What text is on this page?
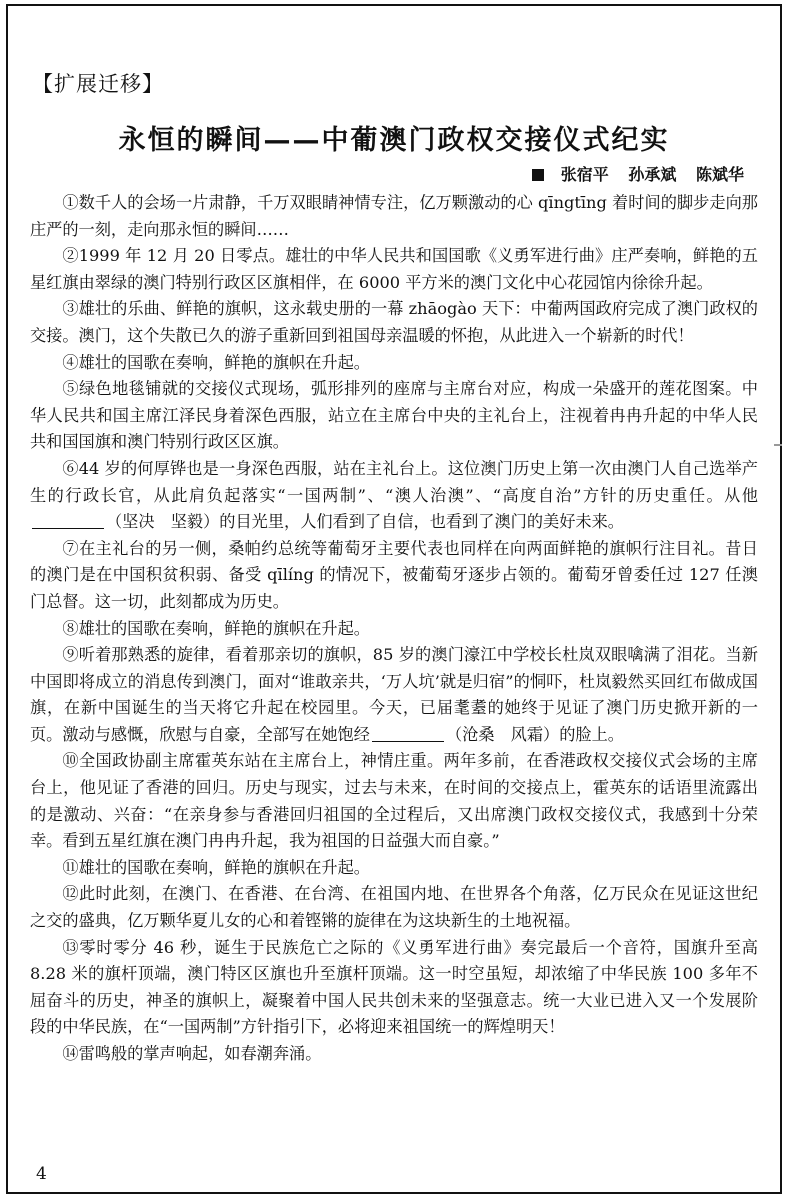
【扩展迁移】
永恒的瞬间——中葡澳门政权交接仪式纪实
张宿平 孙承斌 陈斌华

①数千人的会场一片肃静，千万双眼睛神情专注，亿万颗激动的心 qīngtīng 着时间的脚步走向那庄严的一刻，走向那永恒的瞬间……

②1999 年 12 月 20 日零点。雄壮的中华人民共和国国歌《义勇军进行曲》庄严奏响，鲜艳的五星红旗由翠绿的澳门特别行政区区旗相伴，在 6000 平方米的澳门文化中心花园馆内徐徐升起。

③雄壮的乐曲、鲜艳的旗帜，这永载史册的一幕 zhāogào 天下：中葡两国政府完成了澳门政权的交接。澳门，这个失散已久的游子重新回到祖国母亲温暖的怀抱，从此进入一个崭新的时代！

④雄壮的国歌在奏响，鲜艳的旗帜在升起。

⑤绿色地毯铺就的交接仪式现场，弧形排列的座席与主席台对应，构成一朵盛开的莲花图案。中华人民共和国主席江泽民身着深色西服，站立在主席台中央的主礼台上，注视着冉冉升起的中华人民共和国国旗和澳门特别行政区区旗。

⑥44 岁的何厚铧也是一身深色西服，站在主礼台上。这位澳门历史上第一次由澳门人自己选举产生的行政长官，从此肩负起落实“一国两制”、“澳人治澳”、“高度自治”方针的历史重任。从他（坚决　坚毅）的目光里，人们看到了自信，也看到了澳门的美好未来。

⑦在主礼台的另一侧，桑帕约总统等葡萄牙主要代表也同样在向两面鲜艳的旗帜行注目礼。昔日的澳门是在中国积贫积弱、备受 qīlíng 的情况下，被葡萄牙逐步占领的。葡萄牙曾委任过 127 任澳门总督。这一切，此刻都成为历史。

⑧雄壮的国歌在奏响，鲜艳的旗帜在升起。

⑨听着那熟悉的旋律，看着那亲切的旗帜，85 岁的澳门濠江中学校长杜岚双眼噙满了泪花。当新中国即将成立的消息传到澳门，面对“谁敢亲共，‘万人坑’就是归宿”的恫吓，杜岚毅然买回红布做成国旗，在新中国诞生的当天将它升起在校园里。今天，已届耄耋的她终于见证了澳门历史掀开新的一页。激动与感慨，欣慰与自豪，全部写在她饱经	（沧桑　风霜）的脸上。

⑩全国政协副主席霍英东站在主席台上，神情庄重。两年多前，在香港政权交接仪式会场的主席台上，他见证了香港的回归。历史与现实，过去与未来，在时间的交接点上，霍英东的话语里流露出的是激动、兴奋：“在亲身参与香港回归祖国的全过程后，又出席澳门政权交接仪式，我感到十分荣幸。看到五星红旗在澳门冉冉升起，我为祖国的日益强大而自豪。”

⑪雄壮的国歌在奏响，鲜艳的旗帜在升起。

⑫此时此刻，在澳门、在香港、在台湾、在祖国内地、在世界各个角落，亿万民众在见证这世纪之交的盛典，亿万颗华夏儿女的心和着铿锵的旋律在为这块新生的土地祝福。

⑬零时零分 46 秒，诞生于民族危亡之际的《义勇军进行曲》奏完最后一个音符，国旗升至高 8.28 米的旗杆顶端，澳门特区区旗也升至旗杆顶端。这一时空虽短，却浓缩了中华民族 100 多年不屈奋斗的历史，神圣的旗帜上，凝聚着中国人民共创未来的坚强意志。统一大业已进入又一个发展阶段的中华民族，在“一国两制”方针指引下，必将迎来祖国统一的辉煌明天！

⑭雷鸣般的掌声响起，如春潮奔涌。

4
